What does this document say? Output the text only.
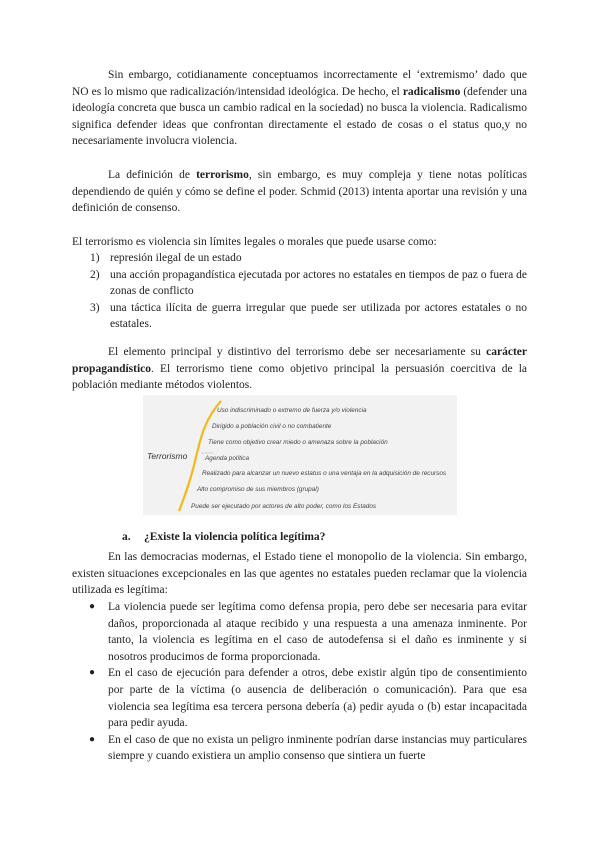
Sin embargo, cotidianamente conceptuamos incorrectamente el ‘extremismo’ dado que NO es lo mismo que radicalización/intensidad ideológica. De hecho, el radicalismo (defender una ideología concreta que busca un cambio radical en la sociedad) no busca la violencia. Radicalismo significa defender ideas que confrontan directamente el estado de cosas o el status quo,y no necesariamente involucra violencia.

La definición de terrorismo, sin embargo, es muy compleja y tiene notas políticas dependiendo de quién y cómo se define el poder. Schmid (2013) intenta aportar una revisión y una definición de consenso.

El terrorismo es violencia sin límites legales o morales que puede usarse como:

1) represión ilegal de un estado
2) una acción propagandística ejecutada por actores no estatales en tiempos de paz o fuera de zonas de conflicto
3) una táctica ilícita de guerra irregular que puede ser utilizada por actores estatales o no estatales.

El elemento principal y distintivo del terrorismo debe ser necesariamente su carácter propagandístico. El terrorismo tiene como objetivo principal la persuasión coercitiva de la población mediante métodos violentos.

Terrorismo
Uso indiscriminado o extremo de fuerza y/o violencia
Dirigido a población civil o no combatiente
Tiene como objetivo crear miedo o amenaza sobre la población
Agenda política
Realizado para alcanzar un nuevo estatus o una ventaja en la adquisición de recursos
Alto compromiso de sus miembros (grupal)
Puede ser ejecutado por actores de alto poder, como los Estados
a. ¿Existe la violencia política legítima?

En las democracias modernas, el Estado tiene el monopolio de la violencia. Sin embargo, existen situaciones excepcionales en las que agentes no estatales pueden reclamar que la violencia utilizada es legítima:

● La violencia puede ser legítima como defensa propia, pero debe ser necesaria para evitar daños, proporcionada al ataque recibido y una respuesta a una amenaza inminente. Por tanto, la violencia es legítima en el caso de autodefensa si el daño es inminente y si nosotros producimos de forma proporcionada.
● En el caso de ejecución para defender a otros, debe existir algún tipo de consentimiento por parte de la víctima (o ausencia de deliberación o comunicación). Para que esa violencia sea legítima esa tercera persona debería (a) pedir ayuda o (b) estar incapacitada para pedir ayuda.
● En el caso de que no exista un peligro inminente podrían darse instancias muy particulares siempre y cuando existiera un amplio consenso que sintiera un fuerte
